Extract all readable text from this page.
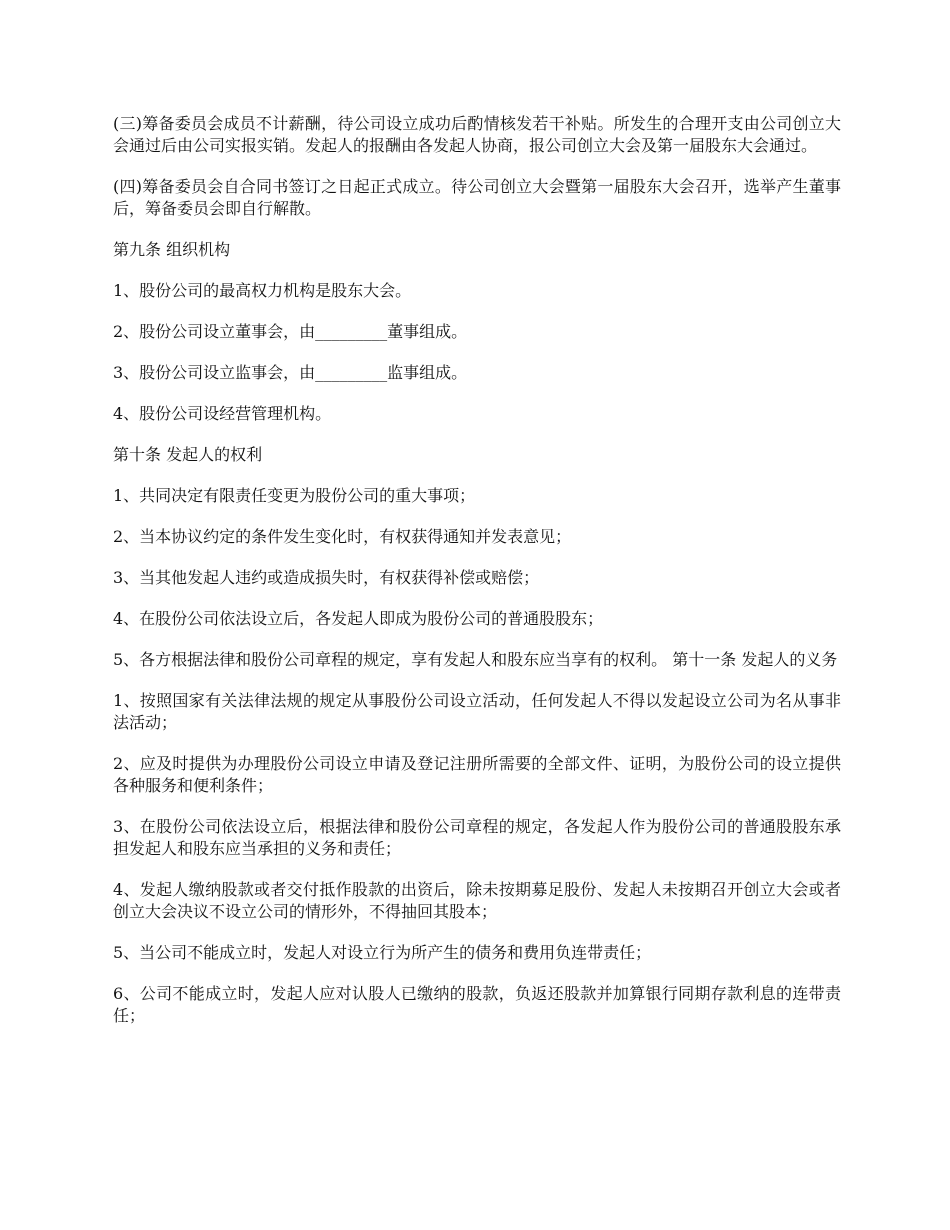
(三)筹备委员会成员不计薪酬，待公司设立成功后酌情核发若干补贴。所发生的合理开支由公司创立大会通过后由公司实报实销。发起人的报酬由各发起人协商，报公司创立大会及第一届股东大会通过。

(四)筹备委员会自合同书签订之日起正式成立。待公司创立大会暨第一届股东大会召开，选举产生董事后，筹备委员会即自行解散。

第九条 组织机构

1、股份公司的最高权力机构是股东大会。

2、股份公司设立董事会，由_________董事组成。

3、股份公司设立监事会，由_________监事组成。

4、股份公司设经营管理机构。

第十条 发起人的权利

1、共同决定有限责任变更为股份公司的重大事项；

2、当本协议约定的条件发生变化时，有权获得通知并发表意见；

3、当其他发起人违约或造成损失时，有权获得补偿或赔偿；

4、在股份公司依法设立后，各发起人即成为股份公司的普通股股东；

5、各方根据法律和股份公司章程的规定，享有发起人和股东应当享有的权利。 第十一条 发起人的义务

1、按照国家有关法律法规的规定从事股份公司设立活动，任何发起人不得以发起设立公司为名从事非法活动；

2、应及时提供为办理股份公司设立申请及登记注册所需要的全部文件、证明，为股份公司的设立提供各种服务和便利条件；

3、在股份公司依法设立后，根据法律和股份公司章程的规定，各发起人作为股份公司的普通股股东承担发起人和股东应当承担的义务和责任；

4、发起人缴纳股款或者交付抵作股款的出资后，除未按期募足股份、发起人未按期召开创立大会或者创立大会决议不设立公司的情形外，不得抽回其股本；

5、当公司不能成立时，发起人对设立行为所产生的债务和费用负连带责任；

6、公司不能成立时，发起人应对认股人已缴纳的股款，负返还股款并加算银行同期存款利息的连带责任；
